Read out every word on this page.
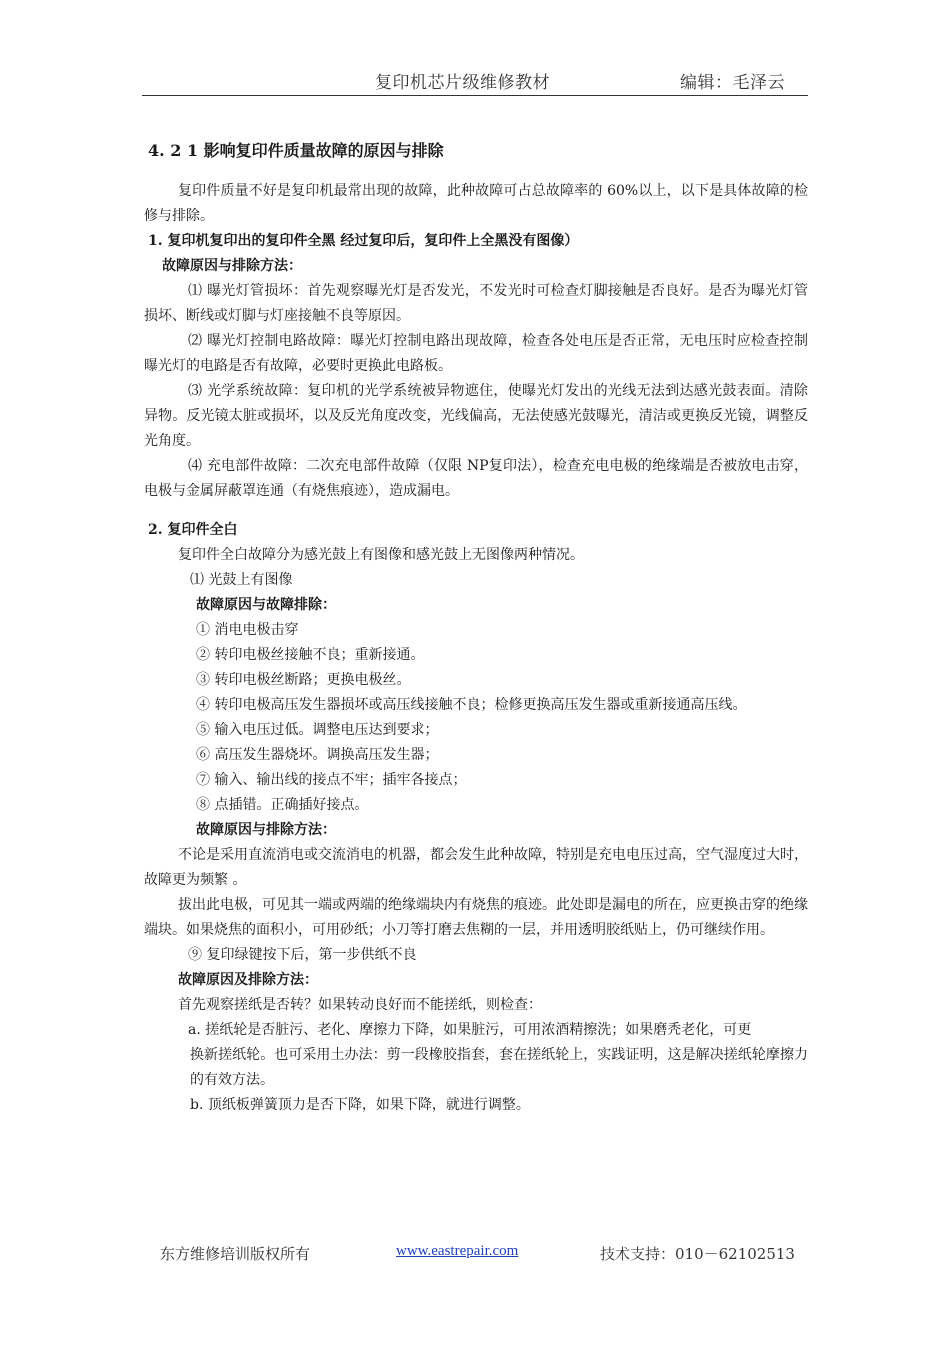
复印机芯片级维修教材	编辑：毛泽云

4. 2 1 影响复印件质量故障的原因与排除

复印件质量不好是复印机最常出现的故障，此种故障可占总故障率的 60%以上，以下是具体故障的检修与排除。

1. 复印机复印出的复印件全黑 经过复印后，复印件上全黑没有图像）

故障原因与排除方法：

⑴ 曝光灯管损坏：首先观察曝光灯是否发光，不发光时可检查灯脚接触是否良好。是否为曝光灯管损坏、断线或灯脚与灯座接触不良等原因。

⑵ 曝光灯控制电路故障：曝光灯控制电路出现故障，检查各处电压是否正常，无电压时应检查控制曝光灯的电路是否有故障，必要时更换此电路板。

⑶ 光学系统故障：复印机的光学系统被异物遮住，使曝光灯发出的光线无法到达感光鼓表面。清除异物。反光镜太脏或损坏，以及反光角度改变，光线偏高，无法使感光鼓曝光，清洁或更换反光镜，调整反光角度。

⑷ 充电部件故障：二次充电部件故障（仅限 NP复印法），检查充电电极的绝缘端是否被放电击穿，电极与金属屏蔽罩连通（有烧焦痕迹），造成漏电。

2. 复印件全白

复印件全白故障分为感光鼓上有图像和感光鼓上无图像两种情况。

⑴ 光鼓上有图像

故障原因与故障排除：

① 消电电极击穿

② 转印电极丝接触不良；重新接通。

③ 转印电极丝断路；更换电极丝。

④ 转印电极高压发生器损坏或高压线接触不良；检修更换高压发生器或重新接通高压线。

⑤ 输入电压过低。调整电压达到要求；

⑥ 高压发生器烧坏。调换高压发生器；

⑦ 输入、输出线的接点不牢；插牢各接点；

⑧ 点插错。正确插好接点。

故障原因与排除方法：

不论是采用直流消电或交流消电的机器，都会发生此种故障，特别是充电电压过高，空气湿度过大时，故障更为频繁 。

拔出此电极，可见其一端或两端的绝缘端块内有烧焦的痕迹。此处即是漏电的所在，应更换击穿的绝缘端块。如果烧焦的面积小，可用砂纸；小刀等打磨去焦糊的一层，并用透明胶纸贴上，仍可继续作用。

⑨ 复印绿键按下后，第一步供纸不良

故障原因及排除方法：

首先观察搓纸是否转？如果转动良好而不能搓纸，则检查：

a. 搓纸轮是否脏污、老化、摩擦力下降，如果脏污，可用浓酒精擦洗；如果磨秃老化，可更

换新搓纸轮。也可采用土办法：剪一段橡胶指套，套在搓纸轮上，实践证明，这是解决搓纸轮摩擦力的有效方法。

b. 顶纸板弹簧顶力是否下降，如果下降，就进行调整。

东方维修培训版权所有	www.eastrepair.com	技术支持：010－62102513
